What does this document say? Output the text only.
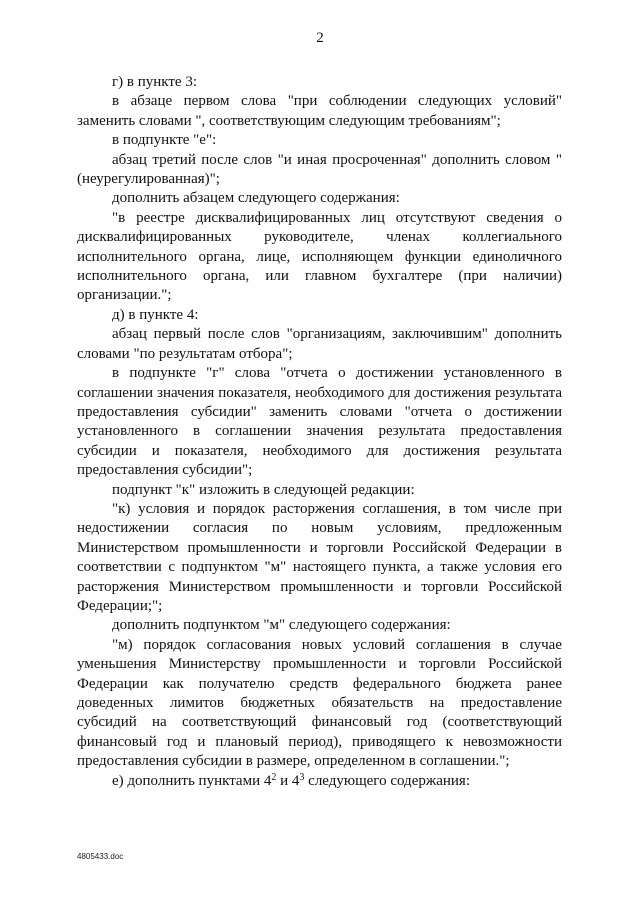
2

г) в пункте 3:

в абзаце первом слова "при соблюдении следующих условий" заменить словами ", соответствующим следующим требованиям";

в подпункте "е":

абзац третий после слов "и иная просроченная" дополнить словом "(неурегулированная)";

дополнить абзацем следующего содержания:

"в реестре дисквалифицированных лиц отсутствуют сведения о дисквалифицированных руководителе, членах коллегиального исполнительного органа, лице, исполняющем функции единоличного исполнительного органа, или главном бухгалтере (при наличии) организации.";

д) в пункте 4:

абзац первый после слов "организациям, заключившим" дополнить словами "по результатам отбора";

в подпункте "г" слова "отчета о достижении установленного в соглашении значения показателя, необходимого для достижения результата предоставления субсидии" заменить словами "отчета о достижении установленного в соглашении значения результата предоставления субсидии и показателя, необходимого для достижения результата предоставления субсидии";

подпункт "к" изложить в следующей редакции:

"к) условия и порядок расторжения соглашения, в том числе при недостижении согласия по новым условиям, предложенным Министерством промышленности и торговли Российской Федерации в соответствии с подпунктом "м" настоящего пункта, а также условия его расторжения Министерством промышленности и торговли Российской Федерации;";

дополнить подпунктом "м" следующего содержания:

"м) порядок согласования новых условий соглашения в случае уменьшения Министерству промышленности и торговли Российской Федерации как получателю средств федерального бюджета ранее доведенных лимитов бюджетных обязательств на предоставление субсидий на соответствующий финансовый год (соответствующий финансовый год и плановый период), приводящего к невозможности предоставления субсидии в размере, определенном в соглашении.";

е) дополнить пунктами $4^2$ и $4^3$ следующего содержания:

4805433.doc
